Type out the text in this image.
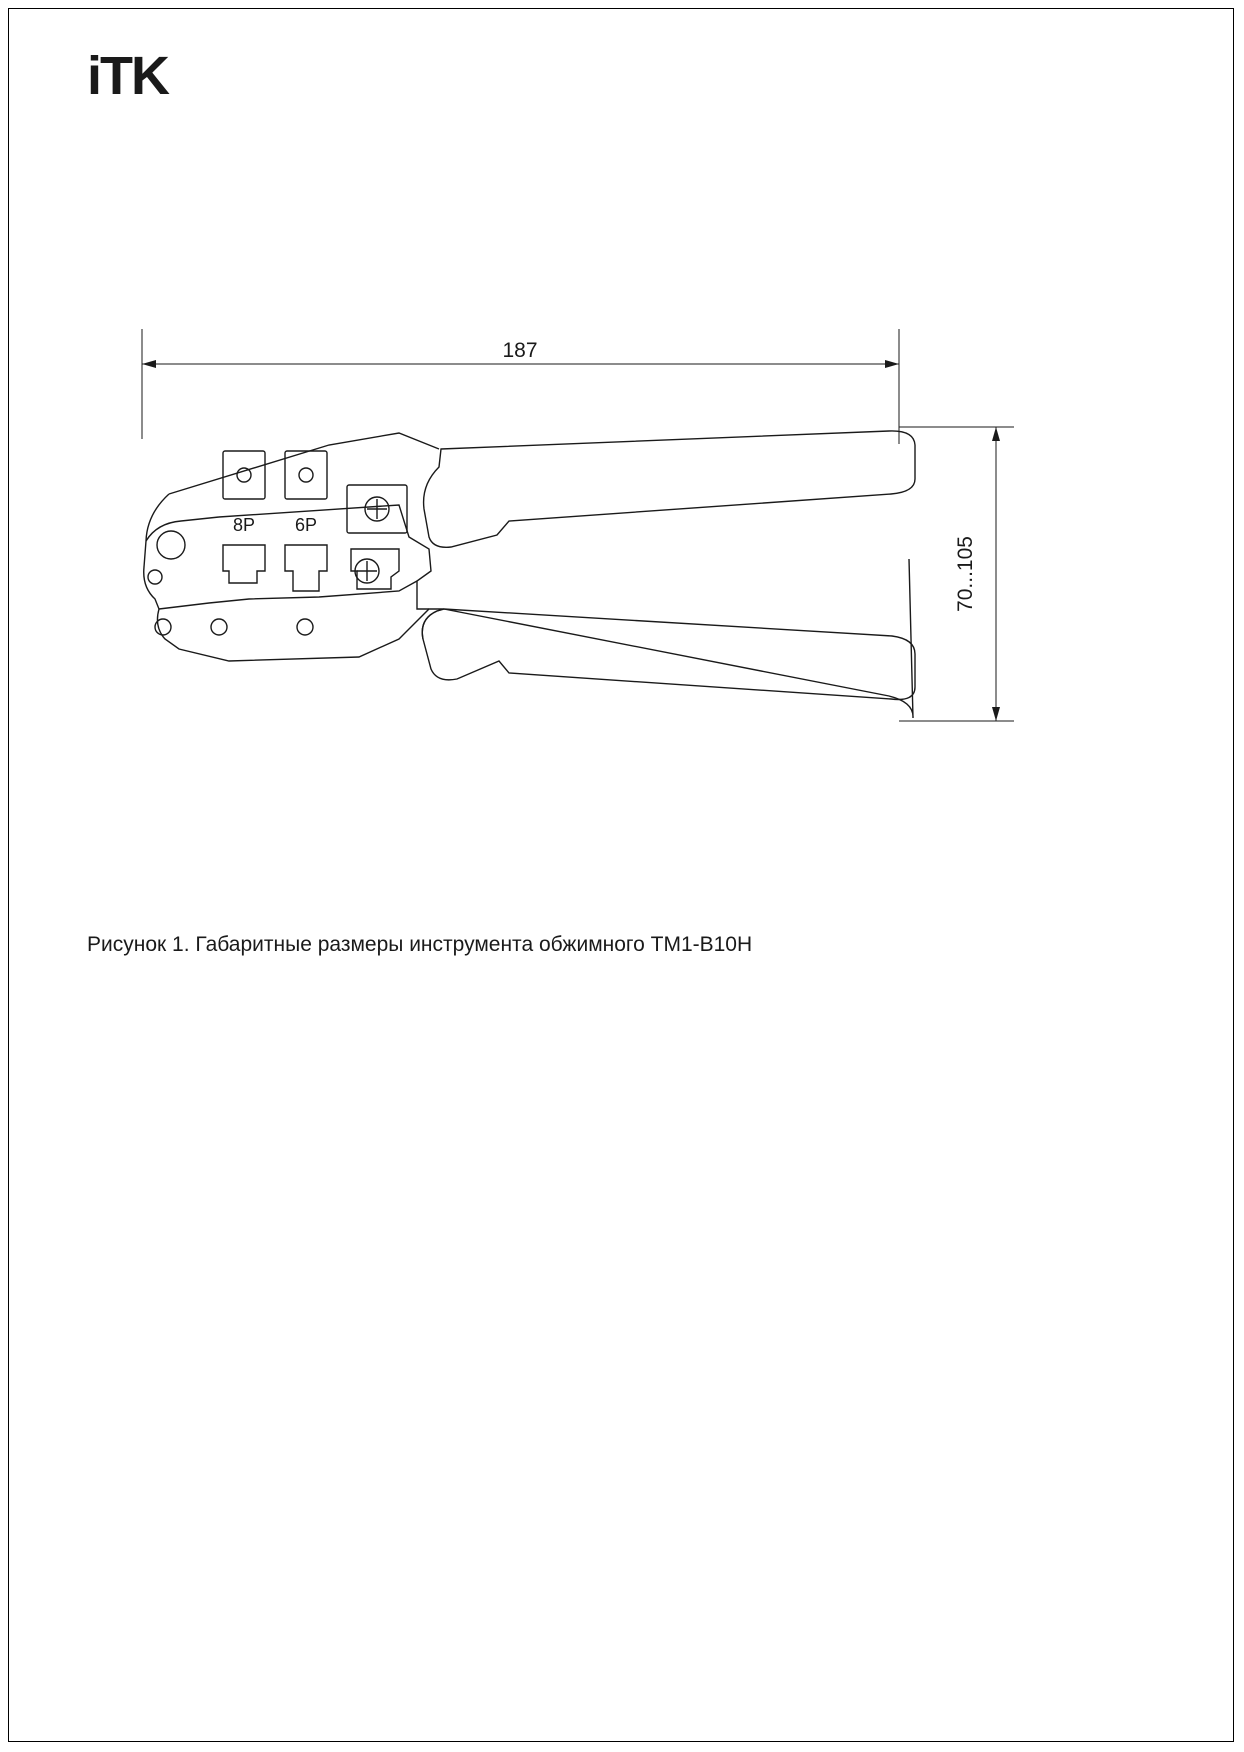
iTK
187
70...105
8P 6P
Рисунок 1. Габаритные размеры инструмента обжимного TM1-B10H
